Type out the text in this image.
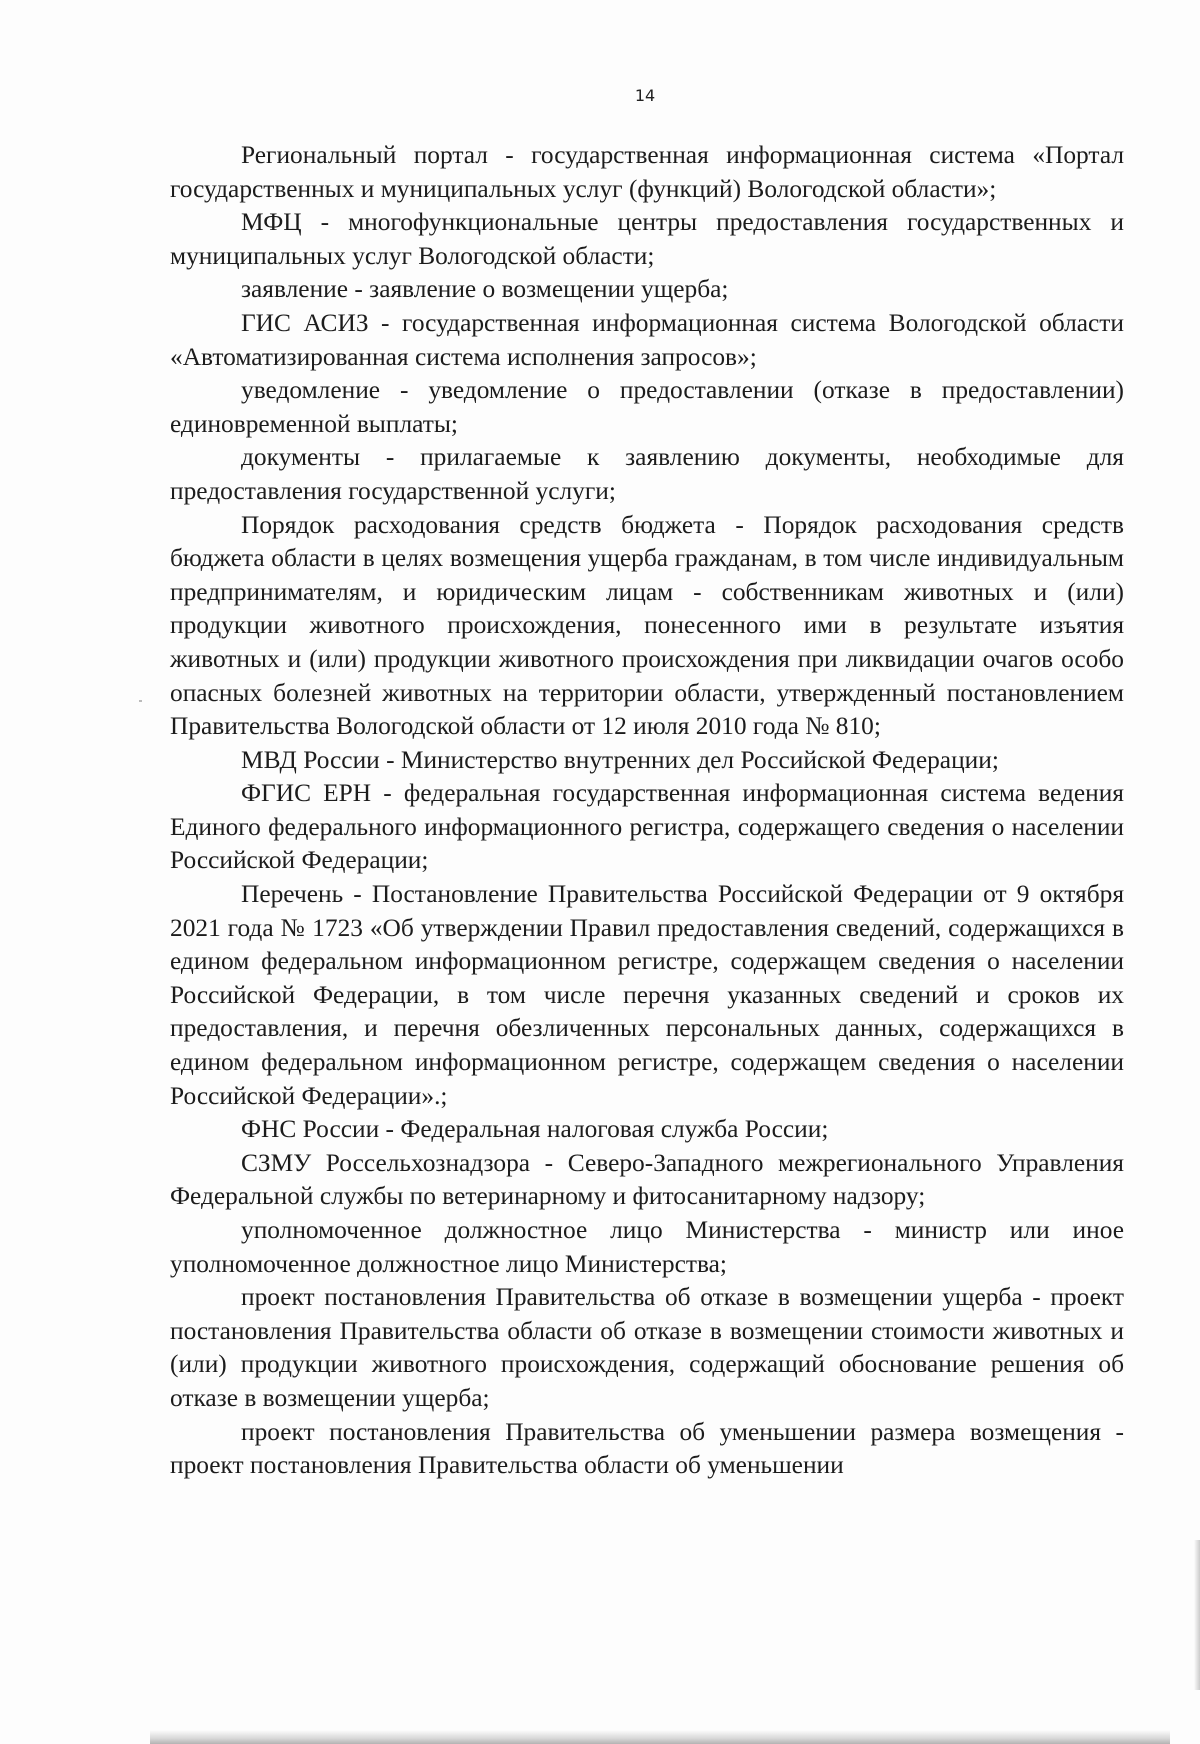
14

Региональный портал - государственная информационная система «Портал государственных и муниципальных услуг (функций) Вологодской области»;

МФЦ - многофункциональные центры предоставления государственных и муниципальных услуг Вологодской области;

заявление - заявление о возмещении ущерба;

ГИС АСИЗ - государственная информационная система Вологодской области «Автоматизированная система исполнения запросов»;

уведомление - уведомление о предоставлении (отказе в предоставлении) единовременной выплаты;

документы - прилагаемые к заявлению документы, необходимые для предоставления государственной услуги;

Порядок расходования средств бюджета - Порядок расходования средств бюджета области в целях возмещения ущерба гражданам, в том числе индивидуальным предпринимателям, и юридическим лицам - собственникам животных и (или) продукции животного происхождения, понесенного ими в результате изъятия животных и (или) продукции животного происхождения при ликвидации очагов особо опасных болезней животных на территории области, утвержденный постановлением Правительства Вологодской области от 12 июля 2010 года № 810;

МВД России - Министерство внутренних дел Российской Федерации;

ФГИС ЕРН - федеральная государственная информационная система ведения Единого федерального информационного регистра, содержащего сведения о населении Российской Федерации;

Перечень - Постановление Правительства Российской Федерации от 9 октября 2021 года № 1723 «Об утверждении Правил предоставления сведений, содержащихся в едином федеральном информационном регистре, содержащем сведения о населении Российской Федерации, в том числе перечня указанных сведений и сроков их предоставления, и перечня обезличенных персональных данных, содержащихся в едином федеральном информационном регистре, содержащем сведения о населении Российской Федерации».;

ФНС России - Федеральная налоговая служба России;

СЗМУ Россельхознадзора - Северо-Западного межрегионального Управления Федеральной службы по ветеринарному и фитосанитарному надзору;

уполномоченное должностное лицо Министерства - министр или иное уполномоченное должностное лицо Министерства;

проект постановления Правительства об отказе в возмещении ущерба - проект постановления Правительства области об отказе в возмещении стоимости животных и (или) продукции животного происхождения, содержащий обоснование решения об отказе в возмещении ущерба;

проект постановления Правительства об уменьшении размера возмещения - проект постановления Правительства области об уменьшении
